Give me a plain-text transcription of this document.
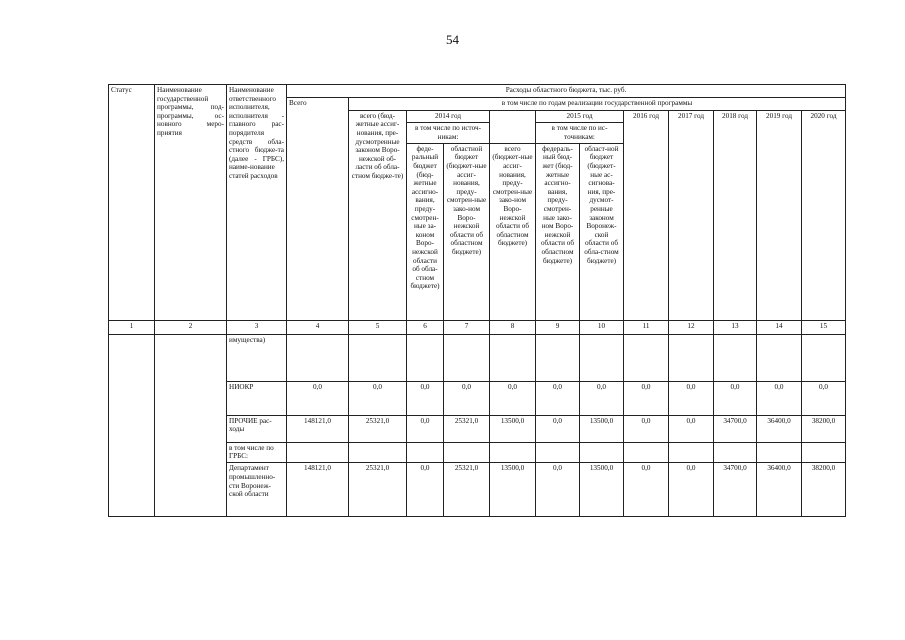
54
Статус	Наименование государственной программы, под-программы, ос-новного меро-приятия	Наименование ответственного исполнителя, исполнителя - главного рас-порядителя средств обла-стного бюдже-та (далее - ГРБС), наиме-нование статей расходов	Расходы областного бюджета, тыс. руб.											
			Всего	в том числе по годам реализации государственной программы										
				всего (бюд-жетные ассиг-нования, пре-дусмотренные законом Воро-нежской об-ласти об обла-стном бюдже-те)	2014 год			2015 год		2016 год	2017 год	2018 год	2019 год	2020 год
					в том числе по источ-никам:			в том числе по ис-точникам:						
					феде-ральный бюджет (бюд-жетные ассигно-вания, преду-смотрен-ные за-коном Воро-нежской области об обла-стном бюджете)	областной бюджет (бюджет-ные ассиг-нования, преду-смотрен-ные зако-ном Воро-нежской области об областном бюджете)	всего (бюджет-ные ассиг-нования, преду-смотрен-ные зако-ном Воро-нежской области об областном бюджете)	федераль-ный бюд-жет (бюд-жетные ассигно-вания, преду-смотрен-ные зако-ном Воро-нежской области об областном бюджете)	област-ной бюджет (бюджет-ные ас-сигнова-ния, пре-дусмот-ренные законом Воронеж-ской области об обла-стном бюджете)					
1	2	3	4	5	6	7	8	9	10	11	12	13	14	15
		имущества)												
		НИОКР	0,0	0,0	0,0	0,0	0,0	0,0	0,0	0,0	0,0	0,0	0,0	0,0
		ПРОЧИЕ рас-ходы	148121,0	25321,0	0,0	25321,0	13500,0	0,0	13500,0	0,0	0,0	34700,0	36400,0	38200,0
		в том числе по ГРБС:												
		Департамент промышленно-сти Воронеж-ской области	148121,0	25321,0	0,0	25321,0	13500,0	0,0	13500,0	0,0	0,0	34700,0	36400,0	38200,0
